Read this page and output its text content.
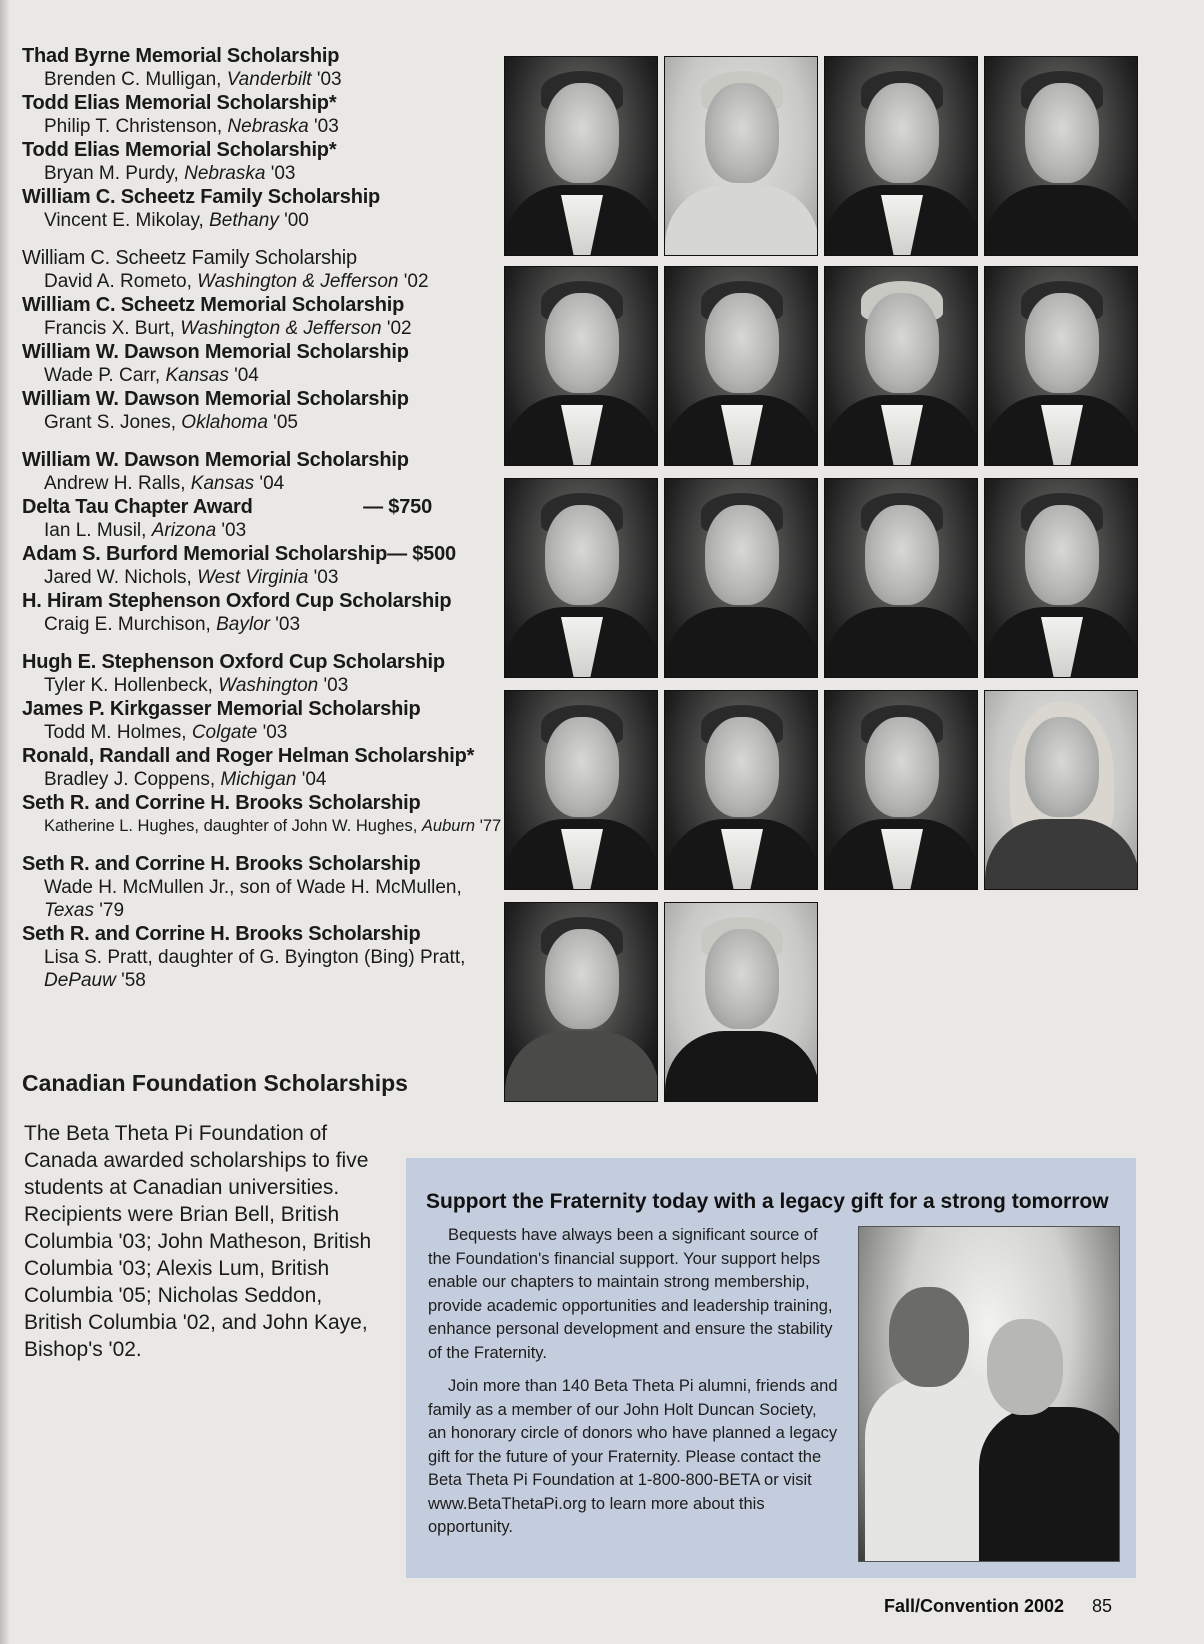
Thad Byrne Memorial Scholarship
Brenden C. Mulligan, Vanderbilt '03
Todd Elias Memorial Scholarship*
Philip T. Christenson, Nebraska '03
Todd Elias Memorial Scholarship*
Bryan M. Purdy, Nebraska '03
William C. Scheetz Family Scholarship
Vincent E. Mikolay, Bethany '00
William C. Scheetz Family Scholarship
David A. Rometo, Washington & Jefferson '02
William C. Scheetz Memorial Scholarship
Francis X. Burt, Washington & Jefferson '02
William W. Dawson Memorial Scholarship
Wade P. Carr, Kansas '04
William W. Dawson Memorial Scholarship
Grant S. Jones, Oklahoma '05
William W. Dawson Memorial Scholarship
Andrew H. Ralls, Kansas '04
Delta Tau Chapter Award	— $750
Ian L. Musil, Arizona '03
Adam S. Burford Memorial Scholarship — $500
Jared W. Nichols, West Virginia '03
H. Hiram Stephenson Oxford Cup Scholarship
Craig E. Murchison, Baylor '03
Hugh E. Stephenson Oxford Cup Scholarship
Tyler K. Hollenbeck, Washington '03
James P. Kirkgasser Memorial Scholarship
Todd M. Holmes, Colgate '03
Ronald, Randall and Roger Helman Scholarship*
Bradley J. Coppens, Michigan '04
Seth R. and Corrine H. Brooks Scholarship
Katherine L. Hughes, daughter of John W. Hughes, Auburn '77
Seth R. and Corrine H. Brooks Scholarship
Wade H. McMullen Jr., son of Wade H. McMullen, Texas '79
Seth R. and Corrine H. Brooks Scholarship
Lisa S. Pratt, daughter of G. Byington (Bing) Pratt, DePauw '58
Canadian Foundation Scholarships
The Beta Theta Pi Foundation of Canada awarded scholarships to five students at Canadian universities. Recipients were Brian Bell, British Columbia '03; John Matheson, British Columbia '03; Alexis Lum, British Columbia '05; Nicholas Seddon, British Columbia '02, and John Kaye, Bishop's '02.
Support the Fraternity today with a legacy gift for a strong tomorrow

Bequests have always been a significant source of the Foundation's financial support. Your support helps enable our chapters to maintain strong membership, provide academic opportunities and leadership training, enhance personal development and ensure the stability of the Fraternity.

Join more than 140 Beta Theta Pi alumni, friends and family as a member of our John Holt Duncan Society, an honorary circle of donors who have planned a legacy gift for the future of your Fraternity. Please contact the Beta Theta Pi Foundation at 1-800-800-BETA or visit www.BetaThetaPi.org to learn more about this opportunity.

Fall/Convention 2002 85
